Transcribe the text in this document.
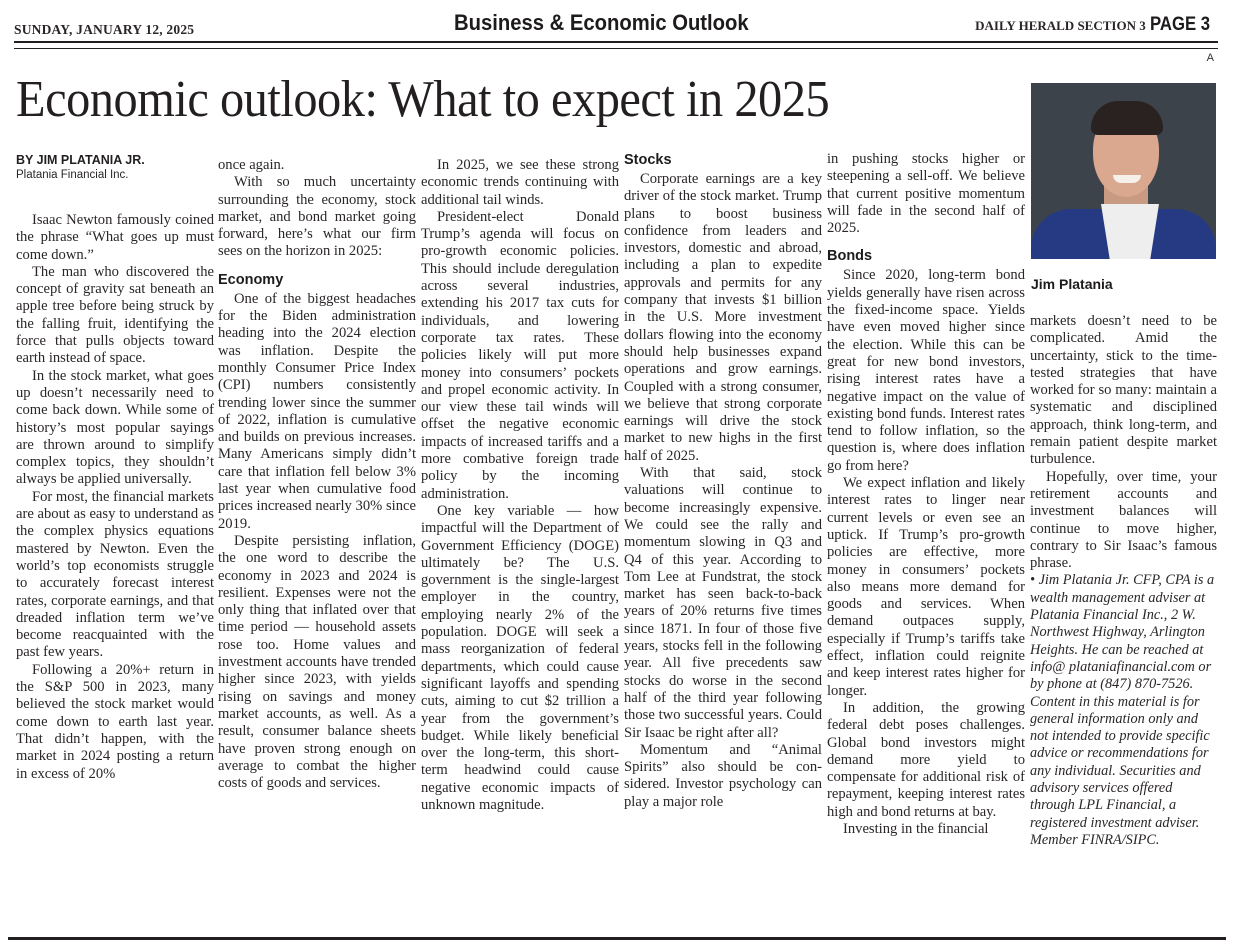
SUNDAY, JANUARY 12, 2025	Business & Economic Outlook	DAILY HERALD SECTION 3 PAGE 3
A
Economic outlook: What to expect in 2025
BY JIM PLATANIA JR.
Platania Financial Inc.

Isaac Newton famously coined the phrase “What goes up must come down.”

The man who discovered the concept of gravity sat beneath an apple tree before being struck by the falling fruit, identifying the force that pulls objects toward earth instead of space.

In the stock market, what goes up doesn’t necessarily need to come back down. While some of history’s most popular sayings are thrown around to simplify complex topics, they shouldn’t always be applied universally.

For most, the financial markets are about as easy to understand as the complex physics equations mastered by Newton. Even the world’s top economists struggle to accurately forecast interest rates, corporate earnings, and that dreaded inflation term we’ve become reacquainted with the past few years.

Following a 20%+ return in the S&P 500 in 2023, many believed the stock market would come down to earth last year. That didn’t happen, with the market in 2024 posting a return in excess of 20%

once again.

With so much uncertainty surrounding the economy, stock market, and bond market going forward, here’s what our firm sees on the horizon in 2025:

Economy

One of the biggest headaches for the Biden administration heading into the 2024 election was inflation. Despite the monthly Consumer Price Index (CPI) numbers consistently trending lower since the summer of 2022, inflation is cumulative and builds on previous increases. Many Americans simply didn’t care that inflation fell below 3% last year when cumulative food prices increased nearly 30% since 2019.

Despite persisting inflation, the one word to describe the economy in 2023 and 2024 is resilient. Expenses were not the only thing that inflated over that time period — household assets rose too. Home values and investment accounts have trended higher since 2023, with yields rising on savings and money market accounts, as well. As a result, consumer balance sheets have proven strong enough on average to combat the higher costs of goods and services.

In 2025, we see these strong economic trends continuing with additional tail winds.

President-elect Donald Trump’s agenda will focus on pro-growth economic policies. This should include deregulation across several industries, extending his 2017 tax cuts for individuals, and lowering corporate tax rates. These policies likely will put more money into consumers’ pockets and propel economic activity. In our view these tail winds will offset the negative economic impacts of increased tariffs and a more combative foreign trade policy by the incoming administration.

One key variable — how impactful will the Department of Government Efficiency (DOGE) ultimately be? The U.S. government is the single-largest employer in the country, employing nearly 2% of the population. DOGE will seek a mass reorganization of federal departments, which could cause significant layoffs and spending cuts, aiming to cut $2 trillion a year from the government’s budget. While likely beneficial over the long-term, this short-term headwind could cause negative economic impacts of unknown magnitude.

Stocks

Corporate earnings are a key driver of the stock market. Trump plans to boost business confidence from leaders and investors, domestic and abroad, including a plan to expedite approvals and permits for any company that invests $1 billion in the U.S. More investment dollars flowing into the economy should help businesses expand operations and grow earnings. Coupled with a strong consumer, we believe that strong corporate earnings will drive the stock market to new highs in the first half of 2025.

With that said, stock valuations will continue to become increasingly expensive. We could see the rally and momentum slowing in Q3 and Q4 of this year. According to Tom Lee at Fundstrat, the stock market has seen back-to-back years of 20% returns five times since 1871. In four of those five years, stocks fell in the following year. All five precedents saw stocks do worse in the second half of the third year following those two successful years. Could Sir Isaac be right after all?

Momentum and “Animal Spirits” also should be considered. Investor psychology can play a major role

in pushing stocks higher or steepening a sell-off. We believe that current positive momentum will fade in the second half of 2025.

Bonds

Since 2020, long-term bond yields generally have risen across the fixed-income space. Yields have even moved higher since the election. While this can be great for new bond investors, rising interest rates have a negative impact on the value of existing bond funds. Interest rates tend to follow inflation, so the question is, where does inflation go from here?

We expect inflation and likely interest rates to linger near current levels or even see an uptick. If Trump’s pro-growth policies are effective, more money in consumers’ pockets also means more demand for goods and services. When demand outpaces supply, especially if Trump’s tariffs take effect, inflation could reignite and keep interest rates higher for longer.

In addition, the growing federal debt poses challenges. Global bond investors might demand more yield to compensate for additional risk of repayment, keeping interest rates high and bond returns at bay.

Investing in the financial

Jim Platania

markets doesn’t need to be complicated. Amid the uncertainty, stick to the time-tested strategies that have worked for so many: maintain a systematic and disciplined approach, think long-term, and remain patient despite market turbulence.

Hopefully, over time, your retirement accounts and investment balances will continue to move higher, contrary to Sir Isaac’s famous phrase.

• Jim Platania Jr. CFP, CPA is a wealth management adviser at Platania Financial Inc., 2 W. Northwest Highway, Arlington Heights. He can be reached at info@ plataniafinancial.com or by phone at (847) 870-7526. Content in this material is for general information only and not intended to provide specific advice or recommendations for any individual. Securities and advisory services offered through LPL Financial, a registered investment adviser. Member FINRA/SIPC.
